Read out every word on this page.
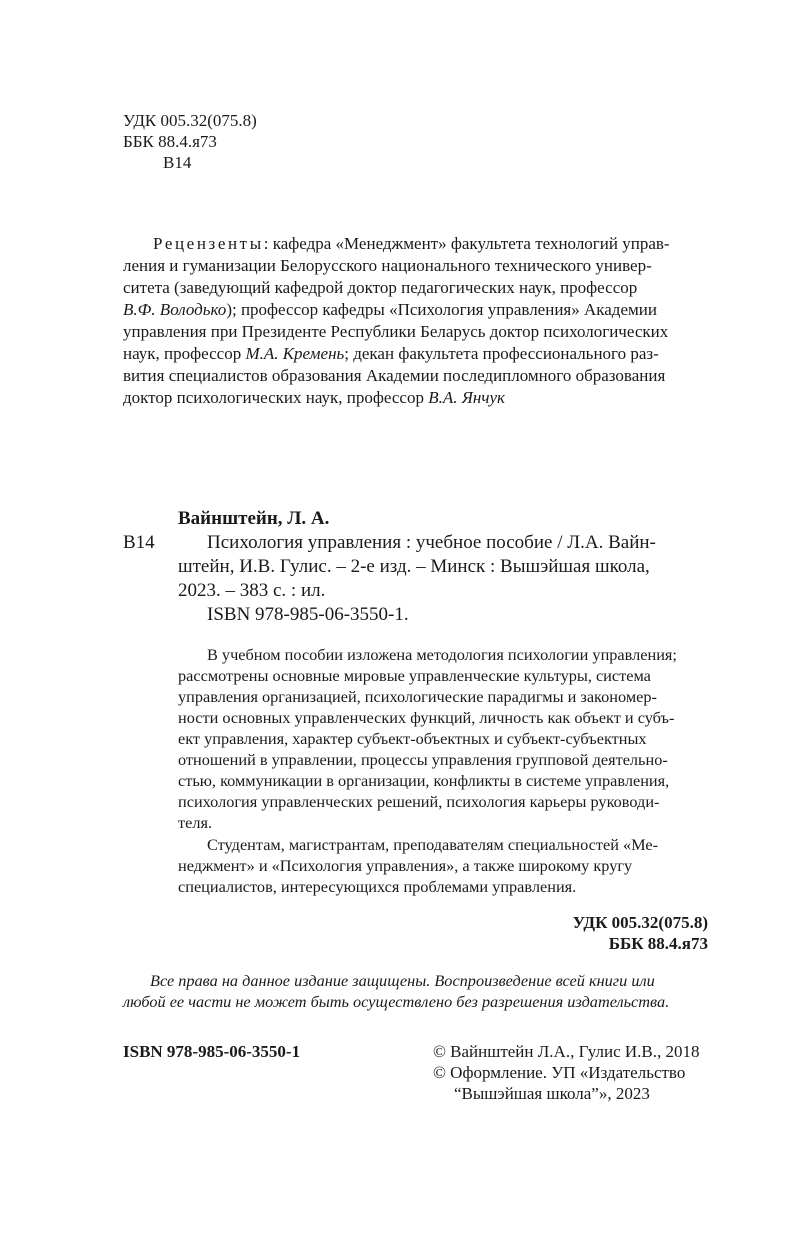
УДК 005.32(075.8)
ББК 88.4.я73
В14
Рецензенты: кафедра «Менеджмент» факультета технологий управ-
ления и гуманизации Белорусского национального технического универ-
ситета (заведующий кафедрой доктор педагогических наук, профессор
В.Ф. Володько); профессор кафедры «Психология управления» Академии
управления при Президенте Республики Беларусь доктор психологических
наук, профессор М.А. Кремень; декан факультета профессионального раз-
вития специалистов образования Академии последипломного образования
доктор психологических наук, профессор В.А. Янчук
Вайнштейн, Л. А.
В14	Психология управления : учебное пособие / Л.А. Вайн-
штейн, И.В. Гулис. – 2-е изд. – Минск : Вышэйшая школа,
2023. – 383 с. : ил.
ISBN 978-985-06-3550-1.
В учебном пособии изложена методология психологии управления;
рассмотрены основные мировые управленческие культуры, система
управления организацией, психологические парадигмы и закономер-
ности основных управленческих функций, личность как объект и субъ-
ект управления, характер субъект-объектных и субъект-субъектных
отношений в управлении, процессы управления групповой деятельно-
стью, коммуникации в организации, конфликты в системе управления,
психология управленческих решений, психология карьеры руководи-
теля.
Студентам, магистрантам, преподавателям специальностей «Ме-
неджмент» и «Психология управления», а также широкому кругу
специалистов, интересующихся проблемами управления.
УДК 005.32(075.8)
ББК 88.4.я73
Все права на данное издание защищены. Воспроизведение всей книги или
любой ее части не может быть осуществлено без разрешения издательства.
ISBN 978-985-06-3550-1	© Вайнштейн Л.А., Гулис И.В., 2018
© Оформление. УП «Издательство
“Вышэйшая школа”», 2023
